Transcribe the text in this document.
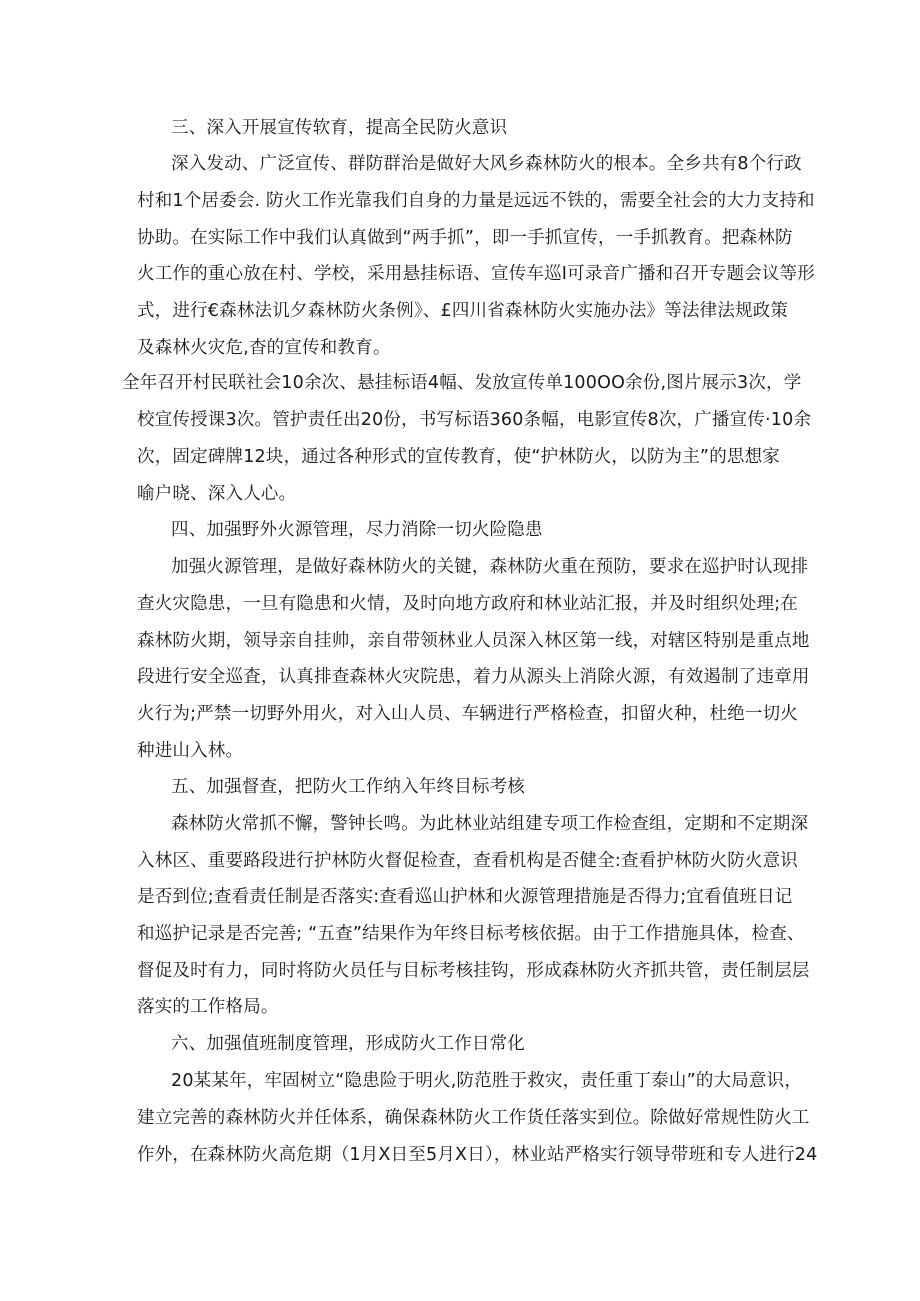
三、深入开展宣传软育，提高全民防火意识
深入发动、广泛宣传、群防群治是做好大风乡森林防火的根本。全乡共有8个行政
村和1个居委会. 防火工作光靠我们自身的力量是远远不铁的，需要全社会的大力支持和
协助。在实际工作中我们认真做到“两手抓”，即一手抓宣传，一手抓教育。把森林防
火工作的重心放在村、学校，采用悬挂标语、宣传车巡I可录音广播和召开专题会议等形
式，进行€森林法讥夕森林防火条例》、£四川省森林防火实施办法》等法律法规政策
及森林火灾危,杳的宣传和教育。
全年召开村民联社会10余次、悬挂标语4幅、发放宣传单100OO余份,图片展示3次，学
校宣传授课3次。管护责任出20份，书写标语360条幅，电影宣传8次，广播宣传·10余
次，固定碑牌12块，通过各种形式的宣传教育，使“护林防火，以防为主”的思想家
喻户晓、深入人心。
四、加强野外火源管理，尽力消除一切火险隐患
加强火源管理，是做好森林防火的关键，森林防火重在预防，要求在巡护时认现排
查火灾隐患，一旦有隐患和火情，及时向地方政府和林业站汇报，并及时组织处理;在
森林防火期，领导亲自挂帅，亲自带领林业人员深入林区第一线，对辖区特别是重点地
段进行安全巡査，认真排查森林火灾院患，着力从源头上消除火源，有效遏制了违章用
火行为;严禁一切野外用火，对入山人员、车辆进行严格检查，扣留火种，杜绝一切火
种进山入林。
五、加强督查，把防火工作纳入年终目标考核
森林防火常抓不懈，警钟长鸣。为此林业站组建专项工作检查组，定期和不定期深
入林区、重要路段进行护林防火督促检查，查看机构是否健全:查看护林防火防火意识
是否到位;查看责任制是否落实:查看巡山护林和火源管理措施是否得力;宜看值班日记
和巡护记录是否完善; “五查”结果作为年终目标考核依据。由于工作措施具体，检查、
督促及时有力，同时将防火员任与目标考核挂钩，形成森林防火齐抓共管，责任制层层
落实的工作格局。
六、加强值班制度管理，形成防火工作日常化
20某某年，牢固树立“隐患险于明火,防范胜于救灾，责任重丁泰山”的大局意识，
建立完善的森林防火并任体系，确保森林防火工作货任落实到位。除做好常规性防火工
作外，在森林防火高危期（1月X日至5月X日），林业站严格实行领导带班和专人进行24
